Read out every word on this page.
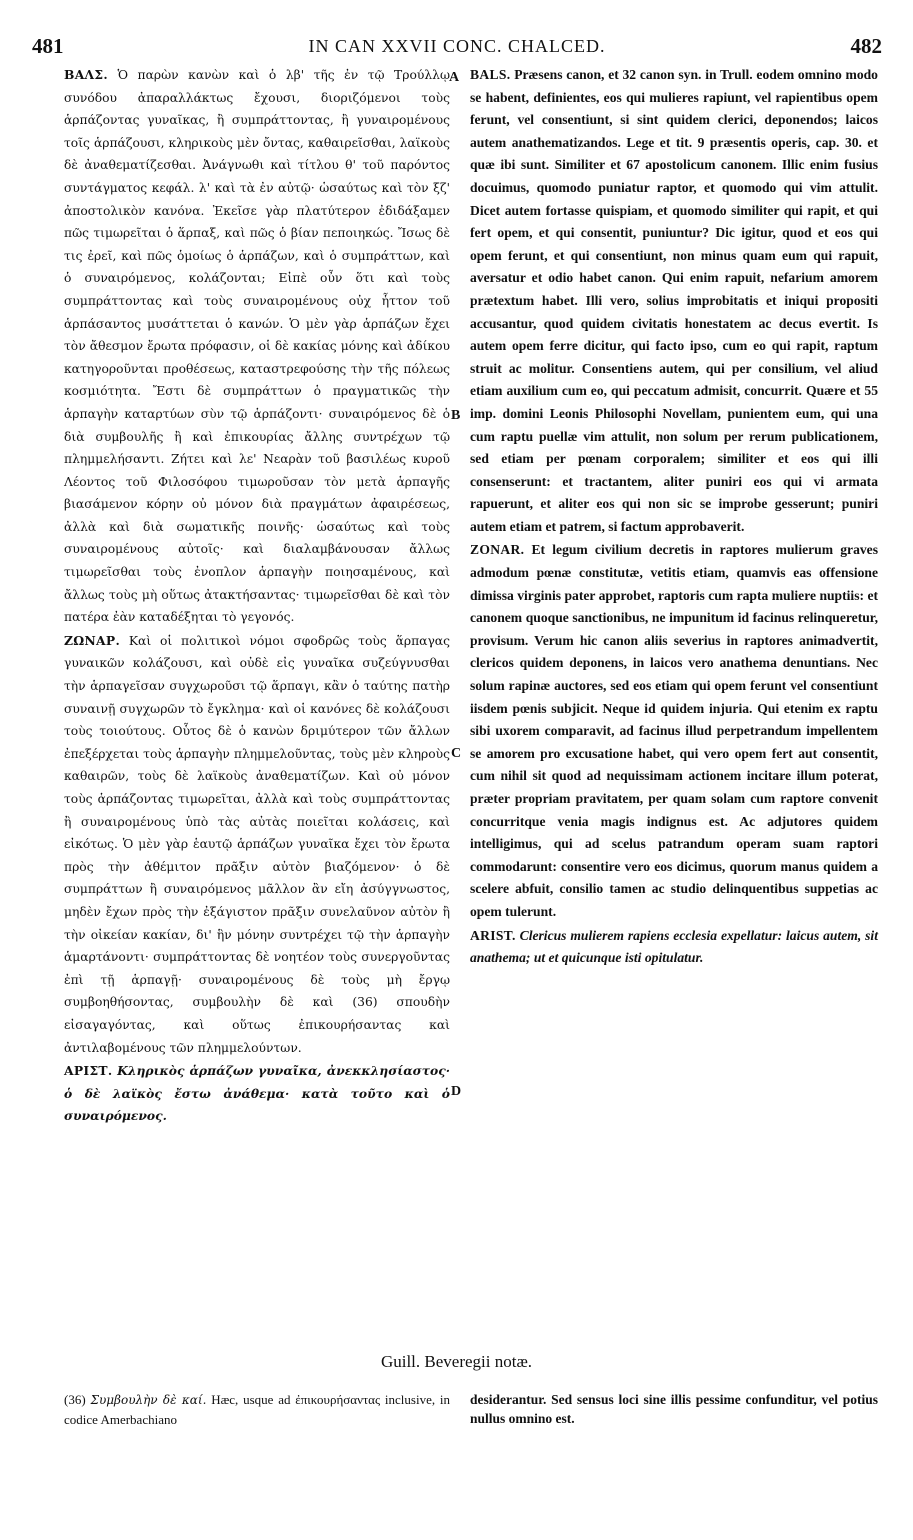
481	IN CAN XXVII CONC. CHALCED.	482
A
B
C
D

ΒΑΛΣ. Ὁ παρὼν κανὼν καὶ ὁ λβ' τῆς ἐν τῷ Τρούλλῳ συνόδου ἀπαραλλάκτως ἔχουσι, διοριζόμενοι τοὺς ἁρπάζοντας γυναῖκας, ἢ συμπράττοντας, ἢ γυναιρομένους τοῖς ἁρπάζουσι, κληρικοὺς μὲν ὄντας, καθαιρεῖσθαι, λαϊκοὺς δὲ ἀναθεματίζεσθαι. Ἀνάγνωθι καὶ τίτλου θ' τοῦ παρόντος συντάγματος κεφάλ. λ' καὶ τὰ ἐν αὐτῷ· ὡσαύτως καὶ τὸν ξζ' ἀποστολικὸν κανόνα. Ἐκεῖσε γὰρ πλατύτερον ἐδιδάξαμεν πῶς τιμωρεῖται ὁ ἅρπαξ, καὶ πῶς ὁ βίαν πεποιηκώς. Ἴσως δὲ τις ἐρεῖ, καὶ πῶς ὁμοίως ὁ ἁρπάζων, καὶ ὁ συμπράττων, καὶ ὁ συναιρόμενος, κολάζονται; Εἰπὲ οὖν ὅτι καὶ τοὺς συμπράττοντας καὶ τοὺς συναιρομένους οὐχ ἧττον τοῦ ἁρπάσαντος μυσάττεται ὁ κανών. Ὁ μὲν γὰρ ἁρπάζων ἔχει τὸν ἄθεσμον ἔρωτα πρόφασιν, οἱ δὲ κακίας μόνης καὶ ἀδίκου κατηγοροῦνται προθέσεως, καταστρεφούσης τὴν τῆς πόλεως κοσμιότητα. Ἔστι δὲ συμπράττων ὁ πραγματικῶς τὴν ἁρπαγὴν καταρτύων σὺν τῷ ἁρπάζοντι· συναιρόμενος δὲ ὁ διὰ συμβουλῆς ἢ καὶ ἐπικουρίας ἄλλης συντρέχων τῷ πλημμελήσαντι. Ζήτει καὶ λε' Νεαρὰν τοῦ βασιλέως κυροῦ Λέοντος τοῦ Φιλοσόφου τιμωροῦσαν τὸν μετὰ ἁρπαγῆς βιασάμενον κόρην οὐ μόνον διὰ πραγμάτων ἀφαιρέσεως, ἀλλὰ καὶ διὰ σωματικῆς ποινῆς· ὡσαύτως καὶ τοὺς συναιρομένους αὐτοῖς· καὶ διαλαμβάνουσαν ἄλλως τιμωρεῖσθαι τοὺς ἐνοπλον ἁρπαγὴν ποιησαμένους, καὶ ἄλλως τοὺς μὴ οὕτως ἀτακτήσαντας· τιμωρεῖσθαι δὲ καὶ τὸν πατέρα ἐὰν καταδέξηται τὸ γεγονός.

ΖΩΝΑΡ. Καὶ οἱ πολιτικοὶ νόμοι σφοδρῶς τοὺς ἅρπαγας γυναικῶν κολάζουσι, καὶ οὐδὲ εἰς γυναῖκα συζεύγνυσθαι τὴν ἁρπαγεῖσαν συγχωροῦσι τῷ ἅρπαγι, κἂν ὁ ταύτης πατὴρ συναινῇ συγχωρῶν τὸ ἔγκλημα· καὶ οἱ κανόνες δὲ κολάζουσι τοὺς τοιούτους. Οὗτος δὲ ὁ κανὼν δριμύτερον τῶν ἄλλων ἐπεξέρχεται τοὺς ἁρπαγὴν πλημμελοῦντας, τοὺς μὲν κληροὺς καθαιρῶν, τοὺς δὲ λαϊκοὺς ἀναθεματίζων. Καὶ οὐ μόνον τοὺς ἁρπάζοντας τιμωρεῖται, ἀλλὰ καὶ τοὺς συμπράττοντας ἢ συναιρομένους ὑπὸ τὰς αὐτὰς ποιεῖται κολάσεις, καὶ εἰκότως. Ὁ μὲν γὰρ ἑαυτῷ ἁρπάζων γυναῖκα ἔχει τὸν ἔρωτα πρὸς τὴν ἀθέμιτον πρᾶξιν αὐτὸν βιαζόμενον· ὁ δὲ συμπράττων ἢ συναιρόμενος μᾶλλον ἂν εἴη ἀσύγγνωστος, μηδὲν ἔχων πρὸς τὴν ἐξάγιστον πρᾶξιν συνελαῦνον αὐτὸν ἢ τὴν οἰκείαν κακίαν, δι' ἣν μόνην συντρέχει τῷ τὴν ἁρπαγὴν ἁμαρτάνοντι· συμπράττοντας δὲ νοητέον τοὺς συνεργοῦντας ἐπὶ τῇ ἁρπαγῇ· συναιρομένους δὲ τοὺς μὴ ἔργῳ συμβοηθήσοντας, συμβουλὴν δὲ καὶ (36) σπουδὴν εἰσαγαγόντας, καὶ οὕτως ἐπικουρήσαντας καὶ ἀντιλαβομένους τῶν πλημμελούντων.

ΑΡΙΣΤ. Κληρικὸς ἁρπάζων γυναῖκα, ἀνεκκλησίαστος· ὁ δὲ λαϊκὸς ἔστω ἀνάθεμα· κατὰ τοῦτο καὶ ὁ συναιρόμενος.

BALS. Præsens canon, et 32 canon syn. in Trull. eodem omnino modo se habent, definientes, eos qui mulieres rapiunt, vel rapientibus opem ferunt, vel consentiunt, si sint quidem clerici, deponendos; laicos autem anathematizandos. Lege et tit. 9 præsentis operis, cap. 30. et quæ ibi sunt. Similiter et 67 apostolicum canonem. Illic enim fusius docuimus, quomodo puniatur raptor, et quomodo qui vim attulit. Dicet autem fortasse quispiam, et quomodo similiter qui rapit, et qui fert opem, et qui consentit, puniuntur? Dic igitur, quod et eos qui opem ferunt, et qui consentiunt, non minus quam eum qui rapuit, aversatur et odio habet canon. Qui enim rapuit, nefarium amorem prætextum habet. Illi vero, solius improbitatis et iniqui propositi accusantur, quod quidem civitatis honestatem ac decus evertit. Is autem opem ferre dicitur, qui facto ipso, cum eo qui rapit, raptum struit ac molitur. Consentiens autem, qui per consilium, vel aliud etiam auxilium cum eo, qui peccatum admisit, concurrit. Quære et 55 imp. domini Leonis Philosophi Novellam, punientem eum, qui una cum raptu puellæ vim attulit, non solum per rerum publicationem, sed etiam per pœnam corporalem; similiter et eos qui illi consenserunt: et tractantem, aliter puniri eos qui vi armata rapuerunt, et aliter eos qui non sic se improbe gesserunt; puniri autem etiam et patrem, si factum approbaverit.

ZONAR. Et legum civilium decretis in raptores mulierum graves admodum pœnæ constitutæ, vetitis etiam, quamvis eas offensione dimissa virginis pater approbet, raptoris cum rapta muliere nuptiis: et canonem quoque sanctionibus, ne impunitum id facinus relinqueretur, provisum. Verum hic canon aliis severius in raptores animadvertit, clericos quidem deponens, in laicos vero anathema denuntians. Nec solum rapinæ auctores, sed eos etiam qui opem ferunt vel consentiunt iisdem pœnis subjicit. Neque id quidem injuria. Qui etenim ex raptu sibi uxorem comparavit, ad facinus illud perpetrandum impellentem se amorem pro excusatione habet, qui vero opem fert aut consentit, cum nihil sit quod ad nequissimam actionem incitare illum poterat, præter propriam pravitatem, per quam solam cum raptore convenit concurritque venia magis indignus est. Ac adjutores quidem intelligimus, qui ad scelus patrandum operam suam raptori commodarunt: consentire vero eos dicimus, quorum manus quidem a scelere abfuit, consilio tamen ac studio delinquentibus suppetias ac opem tulerunt.

ARIST. Clericus mulierem rapiens ecclesia expellatur: laicus autem, sit anathema; ut et quicunque isti opitulatur.

Guill. Beveregii notæ.
(36) Συμβουλὴν δὲ καί. Hæc, usque ad ἐπικουρήσαντας inclusive, in codice Amerbachiano
desiderantur. Sed sensus loci sine illis pessime confunditur, vel potius nullus omnino est.
